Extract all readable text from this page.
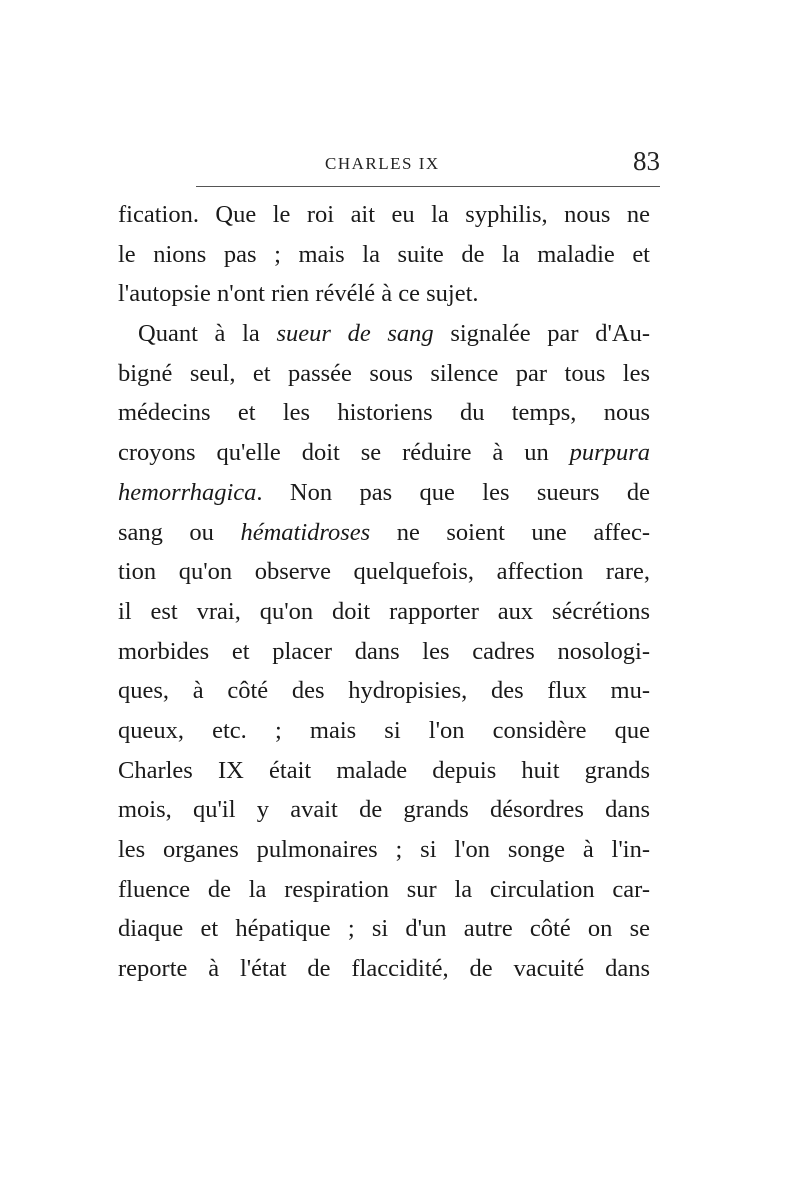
CHARLES IX	83
fication. Que le roi ait eu la syphilis, nous ne
le nions pas ; mais la suite de la maladie et
l'autopsie n'ont rien révélé à ce sujet.
Quant à la sueur de sang signalée par d'Au-
bigné seul, et passée sous silence par tous les
médecins et les historiens du temps, nous
croyons qu'elle doit se réduire à un purpura
hemorrhagica. Non pas que les sueurs de
sang ou hématidroses ne soient une affec-
tion qu'on observe quelquefois, affection rare,
il est vrai, qu'on doit rapporter aux sécrétions
morbides et placer dans les cadres nosologi-
ques, à côté des hydropisies, des flux mu-
queux, etc. ; mais si l'on considère que
Charles IX était malade depuis huit grands
mois, qu'il y avait de grands désordres dans
les organes pulmonaires ; si l'on songe à l'in-
fluence de la respiration sur la circulation car-
diaque et hépatique ; si d'un autre côté on se
reporte à l'état de flaccidité, de vacuité dans
